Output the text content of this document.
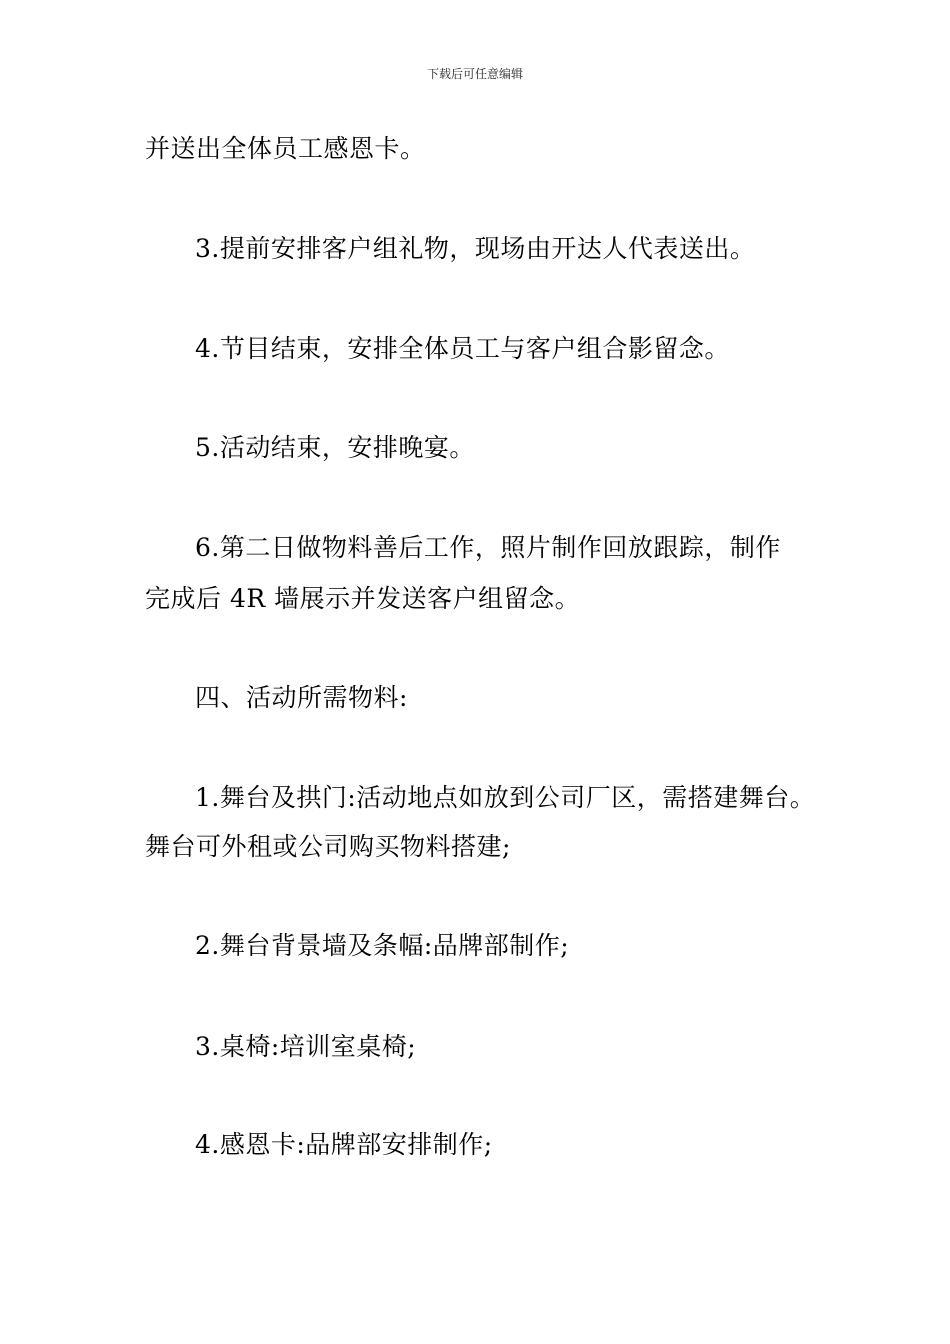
下载后可任意编辑
并送出全体员工感恩卡。
3.提前安排客户组礼物，现场由开达人代表送出。
4.节目结束，安排全体员工与客户组合影留念。
5.活动结束，安排晚宴。
6.第二日做物料善后工作，照片制作回放跟踪，制作
完成后 4R 墙展示并发送客户组留念。
四、活动所需物料:
1.舞台及拱门:活动地点如放到公司厂区，需搭建舞台。
舞台可外租或公司购买物料搭建;
2.舞台背景墙及条幅:品牌部制作;
3.桌椅:培训室桌椅;
4.感恩卡:品牌部安排制作;
